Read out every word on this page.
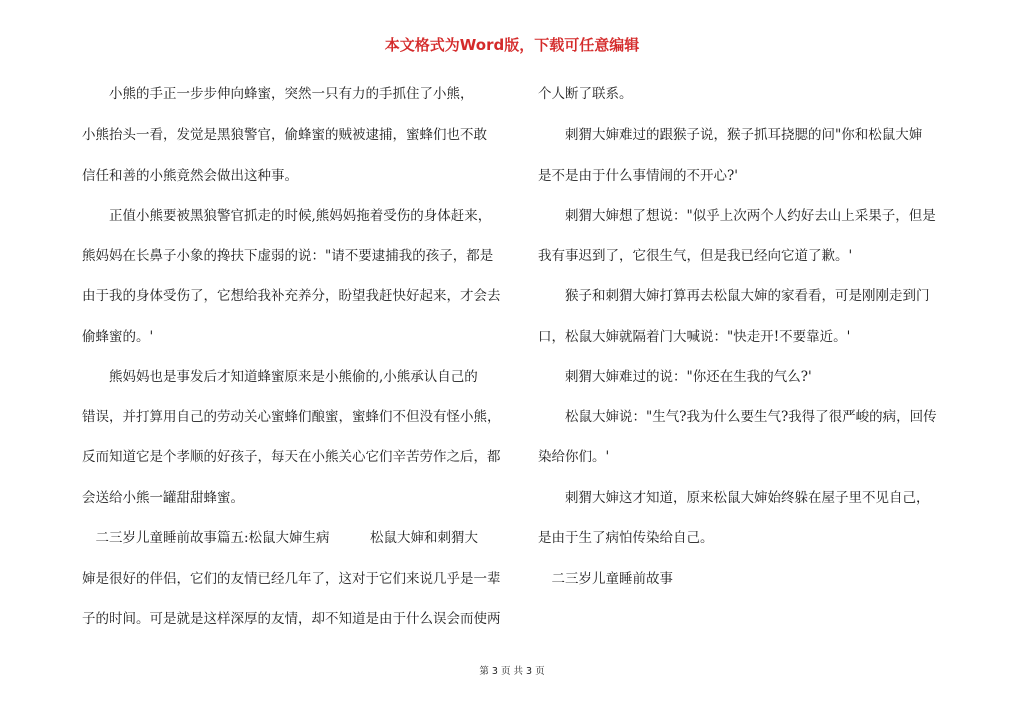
本文格式为Word版，下载可任意编辑
　　小熊的手正一步步伸向蜂蜜，突然一只有力的手抓住了小熊，
小熊抬头一看，发觉是黑狼警官，偷蜂蜜的贼被逮捕，蜜蜂们也不敢
信任和善的小熊竟然会做出这种事。
　　正值小熊要被黑狼警官抓走的时候,熊妈妈拖着受伤的身体赶来，
熊妈妈在长鼻子小象的搀扶下虚弱的说："请不要逮捕我的孩子，都是
由于我的身体受伤了，它想给我补充养分，盼望我赶快好起来，才会去
偷蜂蜜的。'
　　熊妈妈也是事发后才知道蜂蜜原来是小熊偷的,小熊承认自己的
错误，并打算用自己的劳动关心蜜蜂们酿蜜，蜜蜂们不但没有怪小熊，
反而知道它是个孝顺的好孩子，每天在小熊关心它们辛苦劳作之后，都
会送给小熊一罐甜甜蜂蜜。
　二三岁儿童睡前故事篇五:松鼠大婶生病　　　松鼠大婶和刺猬大
婶是很好的伴侣，它们的友情已经几年了，这对于它们来说几乎是一辈
子的时间。可是就是这样深厚的友情，却不知道是由于什么误会而使两
个人断了联系。
　　刺猬大婶难过的跟猴子说，猴子抓耳挠腮的问"你和松鼠大婶
是不是由于什么事情闹的不开心?'
　　刺猬大婶想了想说："似乎上次两个人约好去山上采果子，但是
我有事迟到了，它很生气，但是我已经向它道了歉。'
　　猴子和刺猬大婶打算再去松鼠大婶的家看看，可是刚刚走到门
口，松鼠大婶就隔着门大喊说："快走开!不要靠近。'
　　刺猬大婶难过的说："你还在生我的气么?'
　　松鼠大婶说："生气?我为什么要生气?我得了很严峻的病，回传
染给你们。'
　　刺猬大婶这才知道，原来松鼠大婶始终躲在屋子里不见自己，
是由于生了病怕传染给自己。
　二三岁儿童睡前故事
第 3 页 共 3 页
